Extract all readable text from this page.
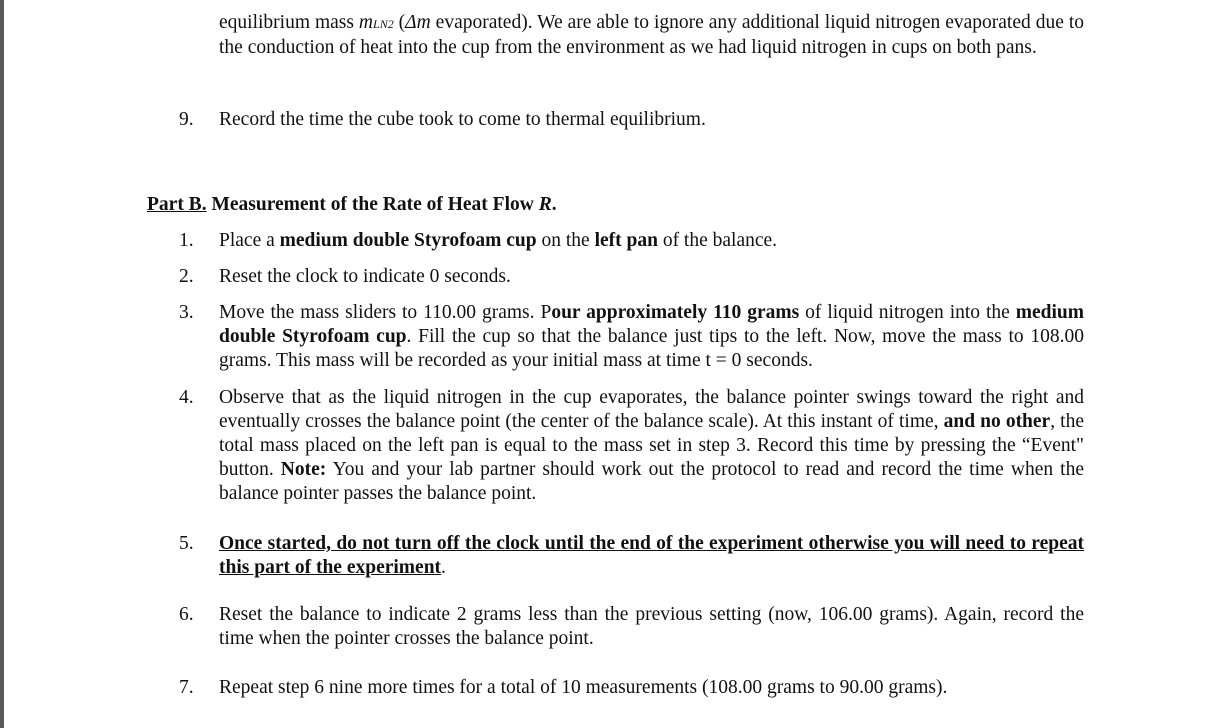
equilibrium mass mLN2 (Δm evaporated). We are able to ignore any additional liquid nitrogen evaporated due to the conduction of heat into the cup from the environment as we had liquid nitrogen in cups on both pans.
9.	Record the time the cube took to come to thermal equilibrium.
Part B. Measurement of the Rate of Heat Flow R.
1.	Place a medium double Styrofoam cup on the left pan of the balance.
2.	Reset the clock to indicate 0 seconds.
3.	Move the mass sliders to 110.00 grams. Pour approximately 110 grams of liquid nitrogen into the medium double Styrofoam cup. Fill the cup so that the balance just tips to the left. Now, move the mass to 108.00 grams. This mass will be recorded as your initial mass at time t = 0 seconds.
4.	Observe that as the liquid nitrogen in the cup evaporates, the balance pointer swings toward the right and eventually crosses the balance point (the center of the balance scale). At this instant of time, and no other, the total mass placed on the left pan is equal to the mass set in step 3. Record this time by pressing the “Event" button. Note: You and your lab partner should work out the protocol to read and record the time when the balance pointer passes the balance point.
5.	Once started, do not turn off the clock until the end of the experiment otherwise you will need to repeat this part of the experiment.
6.	Reset the balance to indicate 2 grams less than the previous setting (now, 106.00 grams). Again, record the time when the pointer crosses the balance point.
7.	Repeat step 6 nine more times for a total of 10 measurements (108.00 grams to 90.00 grams).
